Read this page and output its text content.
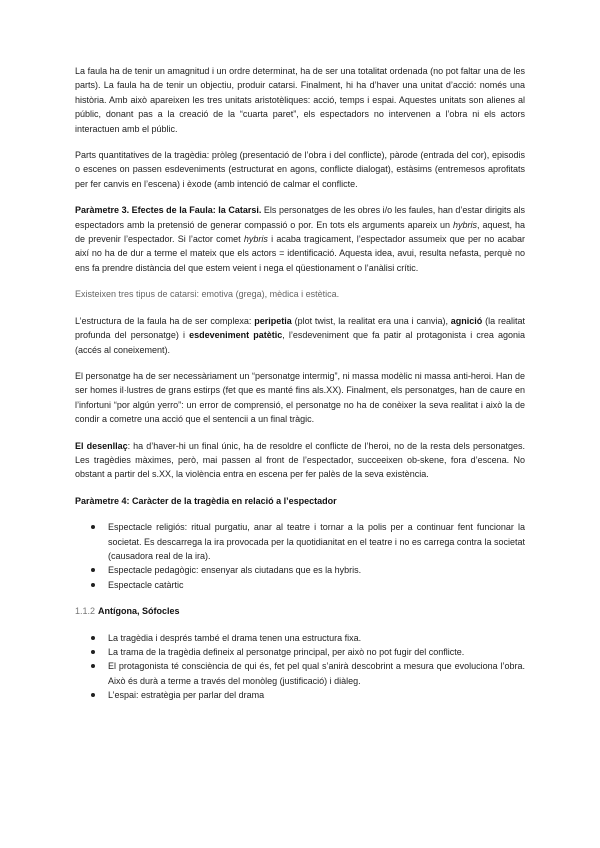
La faula ha de tenir un amagnitud i un ordre determinat, ha de ser una totalitat ordenada (no pot faltar una de les parts). La faula ha de tenir un objectiu, produir catarsi. Finalment, hi ha d’haver una unitat d’acció: només una història. Amb això apareixen les tres unitats aristotèliques: acció, temps i espai. Aquestes unitats son alienes al públic, donant pas a la creació de la “cuarta paret”, els espectadors no intervenen a l’obra ni els actors interactuen amb el públic.

Parts quantitatives de la tragèdia: pròleg (presentació de l’obra i del conflicte), pàrode (entrada del cor), episodis o escenes on passen esdeveniments (estructurat en agons, conflicte dialogat), estàsims (entremesos aprofitats per fer canvis en l’escena) i èxode (amb intenció de calmar el conflicte.

Paràmetre 3. Efectes de la Faula: la Catarsi. Els personatges de les obres i/o les faules, han d’estar dirigits als espectadors amb la pretensió de generar compassió o por. En tots els arguments apareix un hybris, aquest, ha de prevenir l’espectador. Si l’actor comet hybris i acaba tragicament, l’espectador assumeix que per no acabar així no ha de dur a terme el mateix que els actors = identificació. Aquesta idea, avui, resulta nefasta, perquè no ens fa prendre distància del que estem veient i nega el qüestionament o l’anàlisi crític.

Existeixen tres tipus de catarsi: emotiva (grega), mèdica i estètica.

L’estructura de la faula ha de ser complexa: peripetia (plot twist, la realitat era una i canvia), agnició (la realitat profunda del personatge) i esdeveniment patètic, l’esdeveniment que fa patir al protagonista i crea agonia (accés al coneixement).

El personatge ha de ser necessàriament un “personatge intermig”, ni massa modèlic ni massa anti-heroi. Han de ser homes il·lustres de grans estirps (fet que es manté fins als.XX). Finalment, els personatges, han de caure en l’infortuni “por algún yerro”: un error de comprensió, el personatge no ha de conèixer la seva realitat i això la de condir a cometre una acció que el sentencii a un final tràgic.

El desenllaç: ha d’haver-hi un final únic, ha de resoldre el conflicte de l’heroi, no de la resta dels personatges. Les tragèdies màximes, però, mai passen al front de l’espectador, succeeixen ob-skene, fora d’escena. No obstant a partir del s.XX, la violència entra en escena per fer palès de la seva existència.

Paràmetre 4: Caràcter de la tragèdia en relació a l’espectador
Espectacle religiós: ritual purgatiu, anar al teatre i tornar a la polis per a continuar fent funcionar la societat. Es descarrega la ira provocada per la quotidianitat en el teatre i no es carrega contra la societat (causadora real de la ira).
Espectacle pedagògic: ensenyar als ciutadans que es la hybris.
Espectacle catàrtic
1.1.2 Antígona, Sófocles
La tragèdia i després també el drama tenen una estructura fixa.
La trama de la tragèdia defineix al personatge principal, per això no pot fugir del conflicte.
El protagonista té consciència de qui és, fet pel qual s’anirà descobrint a mesura que evoluciona l’obra. Això és durà a terme a través del monòleg (justificació) i diàleg.
L’espai: estratègia per parlar del drama
